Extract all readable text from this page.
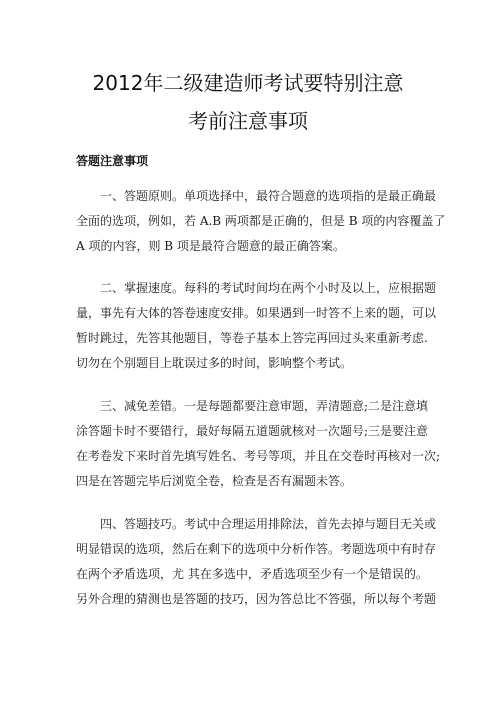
2012年二级建造师考试要特别注意
考前注意事项
答题注意事项
一、答题原则。单项选择中，最符合题意的选项指的是最正确最
全面的选项，例如，若 A.B 两项都是正确的，但是 B 项的内容覆盖了
A 项的内容，则 B 项是最符合题意的最正确答案。
二、掌握速度。每科的考试时间均在两个小时及以上，应根据题
量，事先有大体的答卷速度安排。如果遇到一时答不上来的题，可以
暂时跳过，先答其他题目，等卷子基本上答完再回过头来重新考虑.
切勿在个别题目上耽误过多的时间，影响整个考试。
三、减免差错。一是每题都要注意审题，弄清题意;二是注意填
涂答题卡时不要错行，最好每隔五道题就核对一次题号;三是要注意
在考卷发下来时首先填写姓名、考号等项，并且在交卷时再核对一次;
四是在答题完毕后浏览全卷，检查是否有漏题未答。
四、答题技巧。考试中合理运用排除法，首先去掉与题目无关或
明显错误的选项，然后在剩下的选项中分析作答。考题选项中有时存
在两个矛盾选项，尤 其在多选中，矛盾选项至少有一个是错误的。
另外合理的猜测也是答题的技巧，因为答总比不答强，所以每个考题
